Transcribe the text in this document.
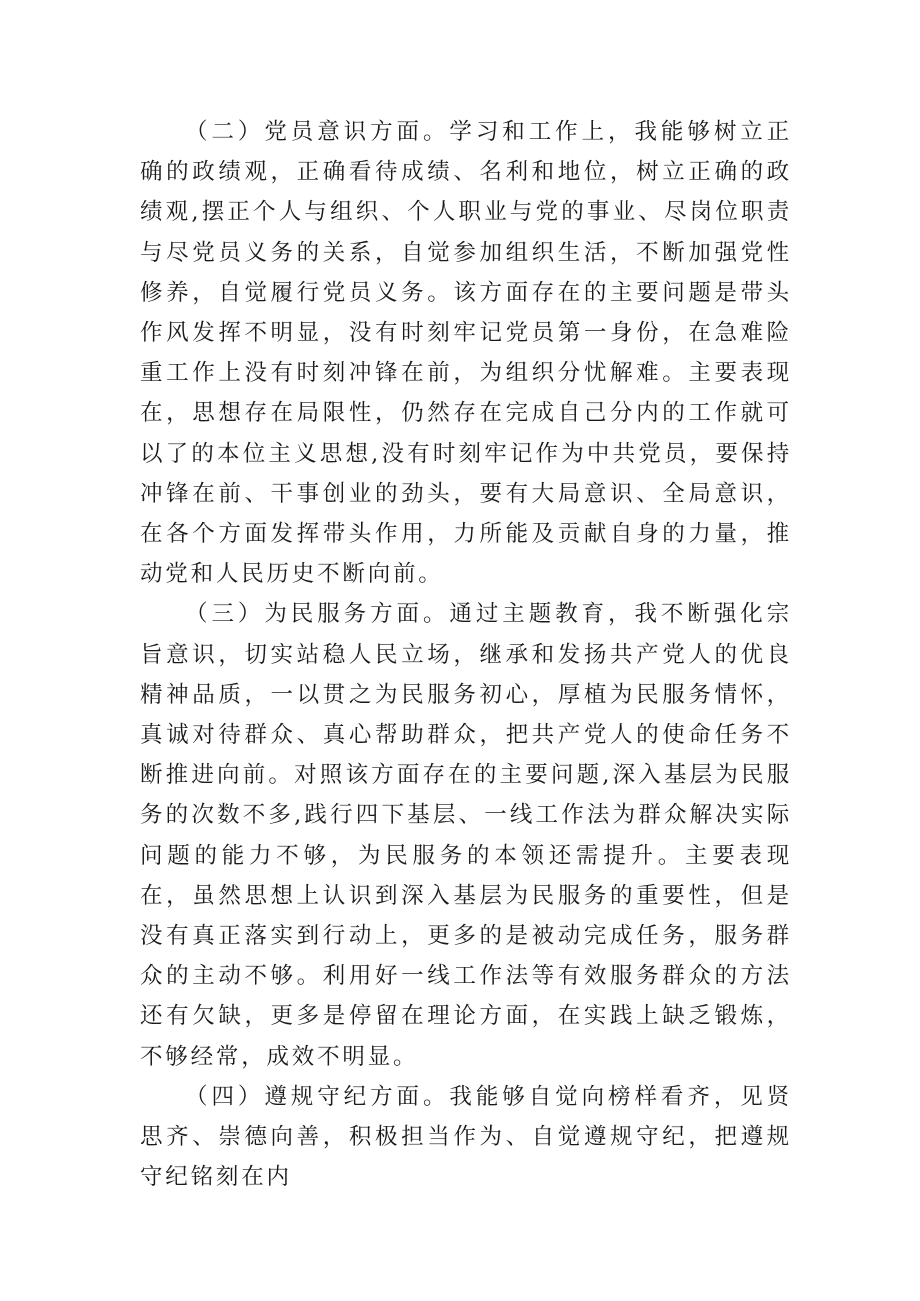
（二）党员意识方面。学习和工作上，我能够树立正确的政绩观，正确看待成绩、名利和地位，树立正确的政绩观,摆正个人与组织、个人职业与党的事业、尽岗位职责与尽党员义务的关系，自觉参加组织生活，不断加强党性修养，自觉履行党员义务。该方面存在的主要问题是带头作风发挥不明显，没有时刻牢记党员第一身份，在急难险重工作上没有时刻冲锋在前，为组织分忧解难。主要表现在，思想存在局限性，仍然存在完成自己分内的工作就可以了的本位主义思想,没有时刻牢记作为中共党员，要保持冲锋在前、干事创业的劲头，要有大局意识、全局意识，在各个方面发挥带头作用，力所能及贡献自身的力量，推动党和人民历史不断向前。

（三）为民服务方面。通过主题教育，我不断强化宗旨意识，切实站稳人民立场，继承和发扬共产党人的优良精神品质，一以贯之为民服务初心，厚植为民服务情怀，真诚对待群众、真心帮助群众，把共产党人的使命任务不断推进向前。对照该方面存在的主要问题,深入基层为民服务的次数不多,践行四下基层、一线工作法为群众解决实际问题的能力不够，为民服务的本领还需提升。主要表现在，虽然思想上认识到深入基层为民服务的重要性，但是没有真正落实到行动上，更多的是被动完成任务，服务群众的主动不够。利用好一线工作法等有效服务群众的方法还有欠缺，更多是停留在理论方面，在实践上缺乏锻炼，不够经常，成效不明显。

（四）遵规守纪方面。我能够自觉向榜样看齐，见贤思齐、崇德向善，积极担当作为、自觉遵规守纪，把遵规守纪铭刻在内
